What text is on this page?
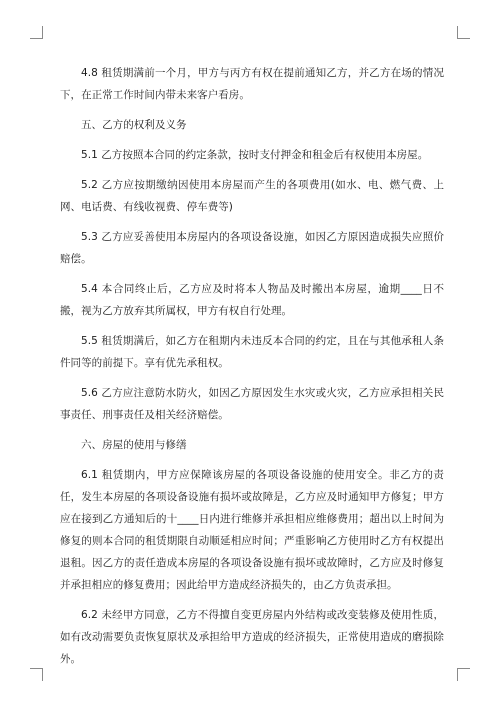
4.8 租赁期满前一个月，甲方与丙方有权在提前通知乙方，并乙方在场的情况下，在正常工作时间内带未来客户看房。

五、乙方的权利及义务

5.1 乙方按照本合同的约定条款，按时支付押金和租金后有权使用本房屋。

5.2 乙方应按期缴纳因使用本房屋而产生的各项费用(如水、电、燃气费、上网、电话费、有线收视费、停车费等)

5.3 乙方应妥善使用本房屋内的各项设备设施，如因乙方原因造成损失应照价赔偿。

5.4 本合同终止后，乙方应及时将本人物品及时搬出本房屋，逾期____日不搬，视为乙方放弃其所属权，甲方有权自行处理。

5.5 租赁期满后，如乙方在租期内未违反本合同的约定，且在与其他承租人条件同等的前提下。享有优先承租权。

5.6 乙方应注意防水防火，如因乙方原因发生水灾或火灾，乙方应承担相关民事责任、刑事责任及相关经济赔偿。

六、房屋的使用与修缮

6.1 租赁期内，甲方应保障该房屋的各项设备设施的使用安全。非乙方的责任，发生本房屋的各项设备设施有损坏或故障是，乙方应及时通知甲方修复；甲方应在接到乙方通知后的十____日内进行维修并承担相应维修费用；超出以上时间为修复的则本合同的租赁期限自动顺延相应时间；严重影响乙方使用时乙方有权提出退租。因乙方的责任造成本房屋的各项设备设施有损坏或故障时，乙方应及时修复并承担相应的修复费用；因此给甲方造成经济损失的，由乙方负责承担。

6.2 未经甲方同意，乙方不得擅自变更房屋内外结构或改变装修及使用性质，如有改动需要负责恢复原状及承担给甲方造成的经济损失，正常使用造成的磨损除外。
